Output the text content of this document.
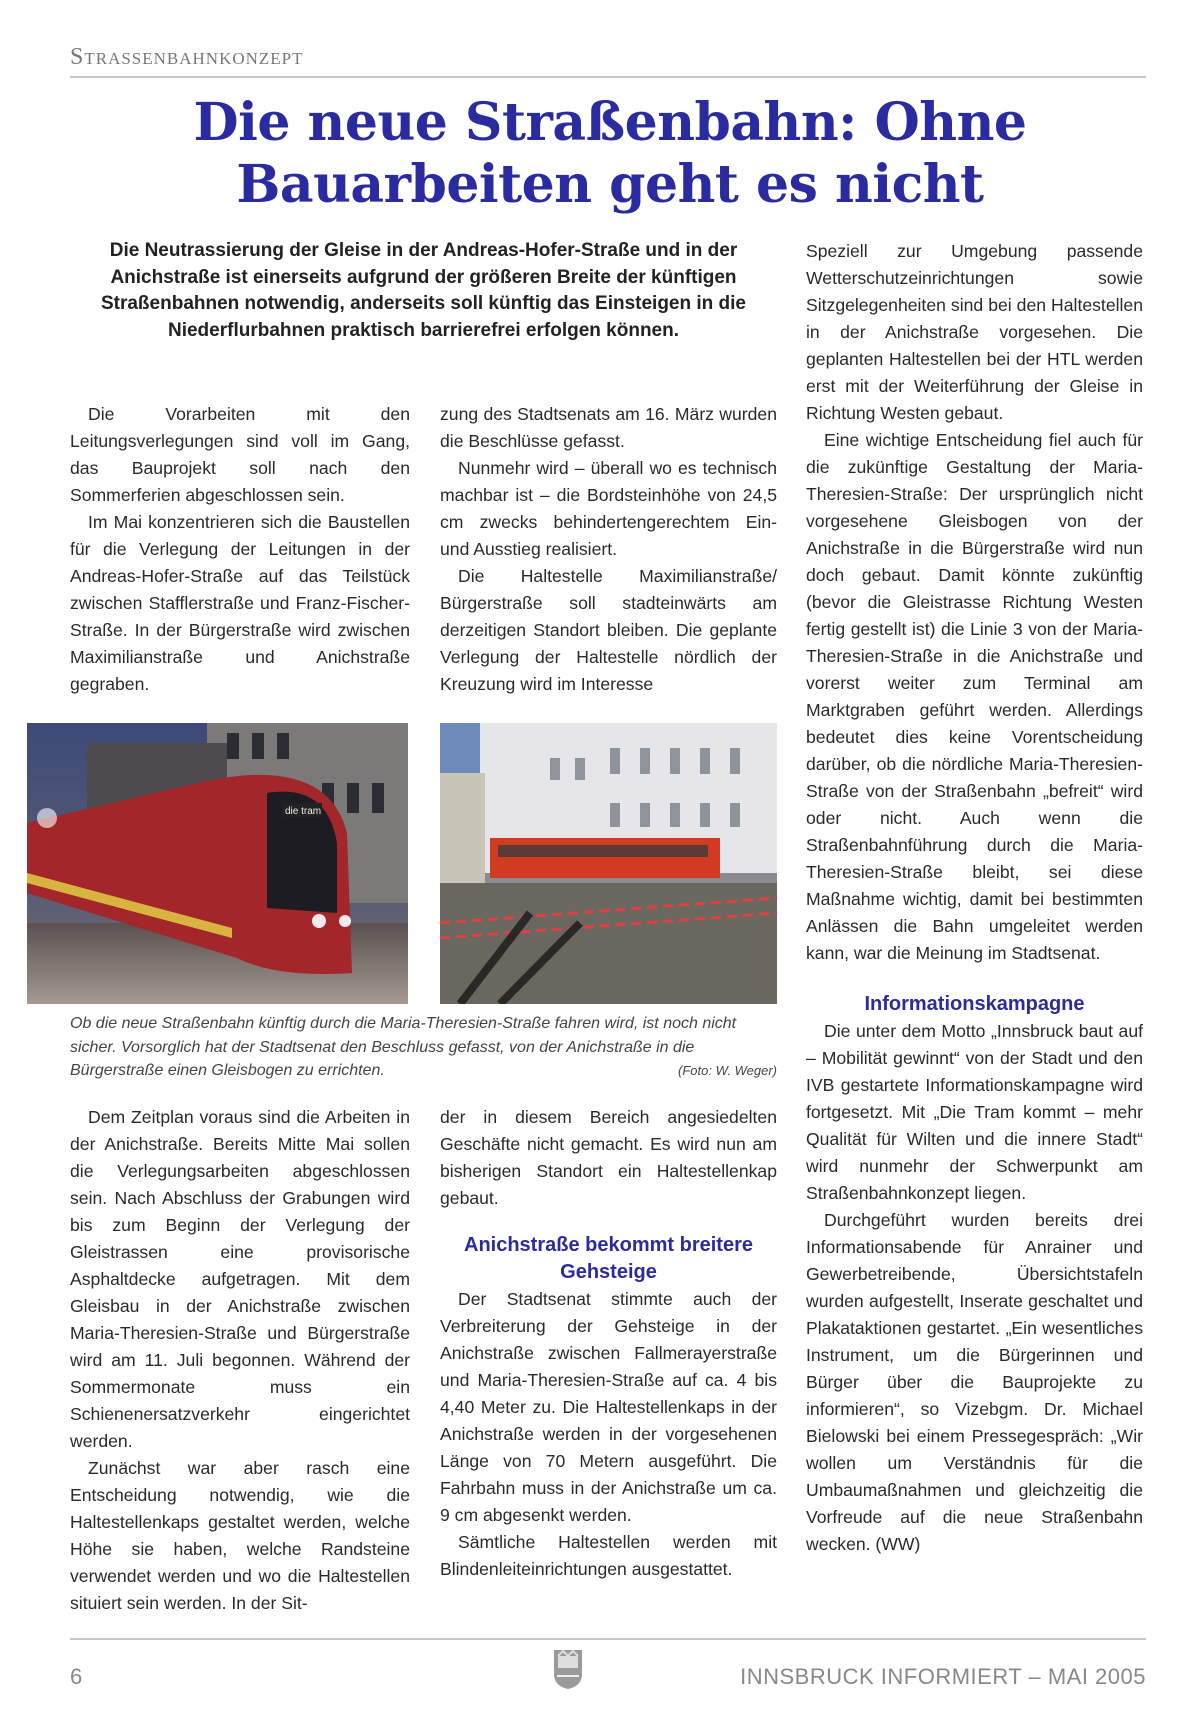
Strassenbahnkonzept
Die neue Straßenbahn: Ohne
Bauarbeiten geht es nicht
Die Neutrassierung der Gleise in der Andreas-Hofer-Straße und in der Anichstraße ist einerseits aufgrund der größeren Breite der künftigen Straßenbahnen notwendig, anderseits soll künftig das Einsteigen in die Niederflurbahnen praktisch barrierefrei erfolgen können.

Die Vorarbeiten mit den Leitungsverlegungen sind voll im Gang, das Bauprojekt soll nach den Sommerferien abgeschlossen sein.

Im Mai konzentrieren sich die Baustellen für die Verlegung der Leitungen in der Andreas-Hofer-Straße auf das Teilstück zwischen Stafflerstraße und Franz-Fischer-Straße. In der Bürgerstraße wird zwischen Maximilianstraße und Anichstraße gegraben.

zung des Stadtsenats am 16. März wurden die Beschlüsse gefasst.

Nunmehr wird – überall wo es technisch machbar ist – die Bordsteinhöhe von 24,5 cm zwecks behindertengerechtem Ein- und Ausstieg realisiert.

Die Haltestelle Maximilianstraße/ Bürgerstraße soll stadteinwärts am derzeitigen Standort bleiben. Die geplante Verlegung der Haltestelle nördlich der Kreuzung wird im Interesse

die tram
Ob die neue Straßenbahn künftig durch die Maria-Theresien-Straße fahren wird, ist noch nicht sicher. Vorsorglich hat der Stadtsenat den Beschluss gefasst, von der Anichstraße in die Bürgerstraße einen Gleisbogen zu errichten.	(Foto: W. Weger)

Dem Zeitplan voraus sind die Arbeiten in der Anichstraße. Bereits Mitte Mai sollen die Verlegungsarbeiten abgeschlossen sein. Nach Abschluss der Grabungen wird bis zum Beginn der Verlegung der Gleistrassen eine provisorische Asphaltdecke aufgetragen. Mit dem Gleisbau in der Anichstraße zwischen Maria-Theresien-Straße und Bürgerstraße wird am 11. Juli begonnen. Während der Sommermonate muss ein Schienenersatzverkehr eingerichtet werden.

Zunächst war aber rasch eine Entscheidung notwendig, wie die Haltestellenkaps gestaltet werden, welche Höhe sie haben, welche Randsteine verwendet werden und wo die Haltestellen situiert sein werden. In der Sit-

der in diesem Bereich angesiedelten Geschäfte nicht gemacht. Es wird nun am bisherigen Standort ein Haltestellenkap gebaut.

Anichstraße bekommt breitere Gehsteige

Der Stadtsenat stimmte auch der Verbreiterung der Gehsteige in der Anichstraße zwischen Fallmerayerstraße und Maria-Theresien-Straße auf ca. 4 bis 4,40 Meter zu. Die Haltestellenkaps in der Anichstraße werden in der vorgesehenen Länge von 70 Metern ausgeführt. Die Fahrbahn muss in der Anichstraße um ca. 9 cm abgesenkt werden.

Sämtliche Haltestellen werden mit Blindenleiteinrichtungen ausgestattet.

Speziell zur Umgebung passende Wetterschutzeinrichtungen sowie Sitzgelegenheiten sind bei den Haltestellen in der Anichstraße vorgesehen. Die geplanten Haltestellen bei der HTL werden erst mit der Weiterführung der Gleise in Richtung Westen gebaut.

Eine wichtige Entscheidung fiel auch für die zukünftige Gestaltung der Maria-Theresien-Straße: Der ursprünglich nicht vorgesehene Gleisbogen von der Anichstraße in die Bürgerstraße wird nun doch gebaut. Damit könnte zukünftig (bevor die Gleistrasse Richtung Westen fertig gestellt ist) die Linie 3 von der Maria-Theresien-Straße in die Anichstraße und vorerst weiter zum Terminal am Marktgraben geführt werden. Allerdings bedeutet dies keine Vorentscheidung darüber, ob die nördliche Maria-Theresien-Straße von der Straßenbahn „befreit“ wird oder nicht. Auch wenn die Straßenbahnführung durch die Maria-Theresien-Straße bleibt, sei diese Maßnahme wichtig, damit bei bestimmten Anlässen die Bahn umgeleitet werden kann, war die Meinung im Stadtsenat.

Informationskampagne

Die unter dem Motto „Innsbruck baut auf – Mobilität gewinnt“ von der Stadt und den IVB gestartete Informationskampagne wird fortgesetzt. Mit „Die Tram kommt – mehr Qualität für Wilten und die innere Stadt“ wird nunmehr der Schwerpunkt am Straßenbahnkonzept liegen.

Durchgeführt wurden bereits drei Informationsabende für Anrainer und Gewerbetreibende, Übersichtstafeln wurden aufgestellt, Inserate geschaltet und Plakataktionen gestartet. „Ein wesentliches Instrument, um die Bürgerinnen und Bürger über die Bauprojekte zu informieren“, so Vizebgm. Dr. Michael Bielowski bei einem Pressegespräch: „Wir wollen um Verständnis für die Umbaumaßnahmen und gleichzeitig die Vorfreude auf die neue Straßenbahn wecken. (WW)

6	INNSBRUCK INFORMIERT – MAI 2005
